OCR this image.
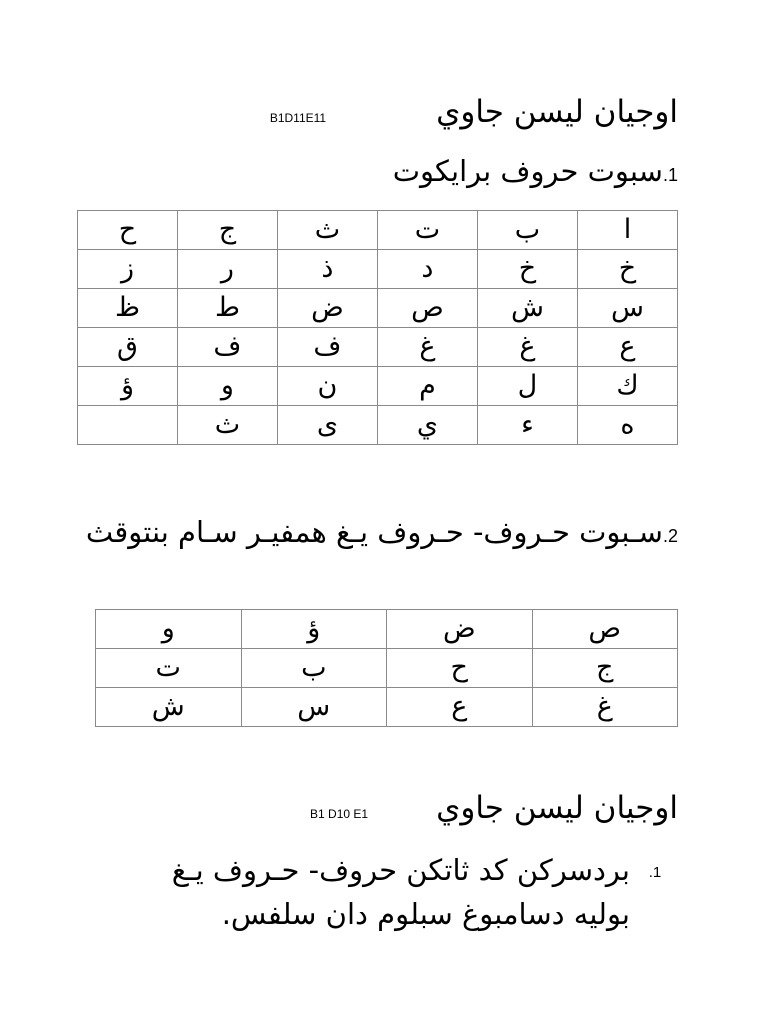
B1D11E11	اوجيان ليسن جاوي
1.سبوت حروف برايكوت
ا	ب	ت	ث	ج	ح
خ	خ	د	ذ	ر	ز
س	ش	ص	ض	ط	ظ
ع	غ	غ	ف	ف	ق
ك	ل	م	ن	و	ؤ
ه	ء	ي	ى	ث	
2.سـبوت حـروف- حـروف يـغ همفيـر سـام بنتوقث
ص	ض	ؤ	و
ج	ح	ب	ت
غ	ع	س	ش
B1 D10 E1 اوجيان ليسن جاوي
1.
بردسركن كد ثاتكن حروف- حـروف يـغ بوليه دسامبوغ سبلوم دان سلفس.
